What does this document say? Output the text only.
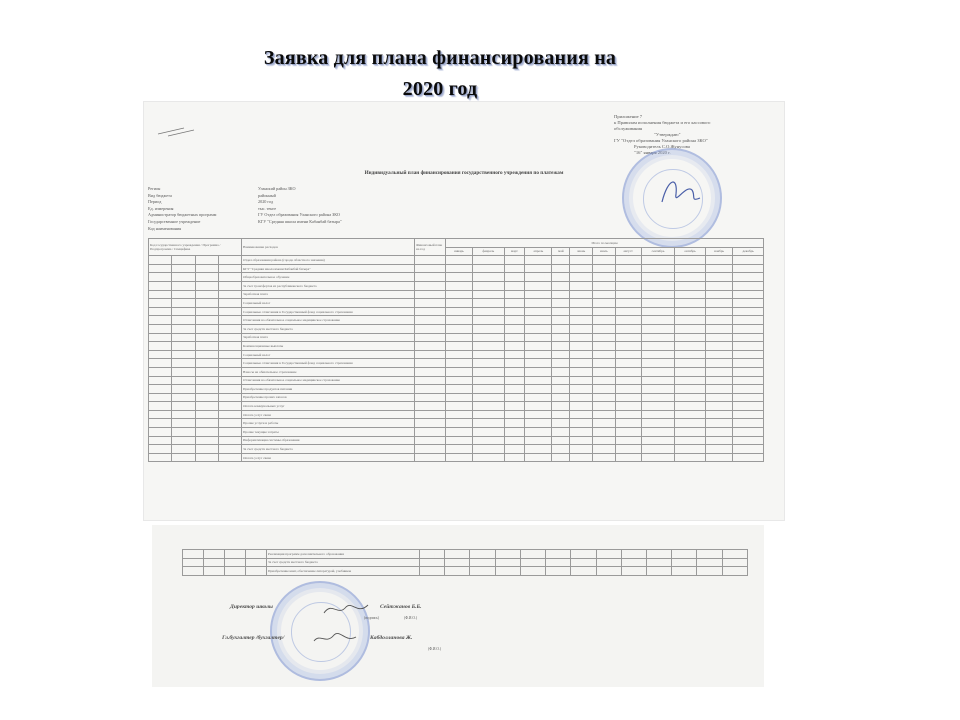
Заявка для плана финансирования на
2020 год
Приложение 7
к Правилам исполнения бюджета и его кассового
обслуживания
"Утверждаю"
ГУ "Отдел образования Уланского района ЗКО"
Руководитель С.О.Жунусова
"16" января 2020 г.
Индивидуальный план финансирования государственного учреждения по платежам
Регион	Уланский район ЗКО
Вид бюджета	районный
Период	2020 год
Ед. измерения	тыс. тенге
Администратор бюджетных программ	ГУ Отдел образования Уланского района ЗКО
Государственное учреждение	КГУ "Средняя школа имени Кабанбай батыра"
Код наименования
Код государственного учреждения / Программа / Подпрограмма / Специфика				Наименование расходов	Финансовый план на год	Итого по месяцам											
						январь	февраль	март	апрель	май	июнь	июль	август	сентябрь	октябрь	ноябрь	декабрь
				Отдел образования района (города областного значения)													
				КГУ "Средняя школа имени Кабанбай батыра"													
				Общеобразовательное обучение													
				За счет трансфертов из республиканского бюджета													
				Заработная плата													
				Социальный налог													
				Социальные отчисления в Государственный фонд социального страхования													
				Отчисления на обязательное социальное медицинское страхование													
				За счет средств местного бюджета													
				Заработная плата													
				Компенсационные выплаты													
				Социальный налог													
				Социальные отчисления в Государственный фонд социального страхования													
				Взносы на обязательное страхование													
				Отчисления на обязательное социальное медицинское страхование													
				Приобретение продуктов питания													
				Приобретение прочих запасов													
				Оплата коммунальных услуг													
				Оплата услуг связи													
				Прочие услуги и работы													
				Прочие текущие затраты													
				Информатизация системы образования													
				За счет средств местного бюджета													
				Оплата услуг связи													
				Реализация программ дополнительного образования													
				За счет средств местного бюджета													
				Приобретение книг, обеспечение литературой, учебников													
Директор школы	Сейтжанов Б.Б.
(подпись)	(Ф.И.О.)
Гл.бухгалтер /бухгалтер/	Кабдолланова Ж.
(Ф.И.О.)
